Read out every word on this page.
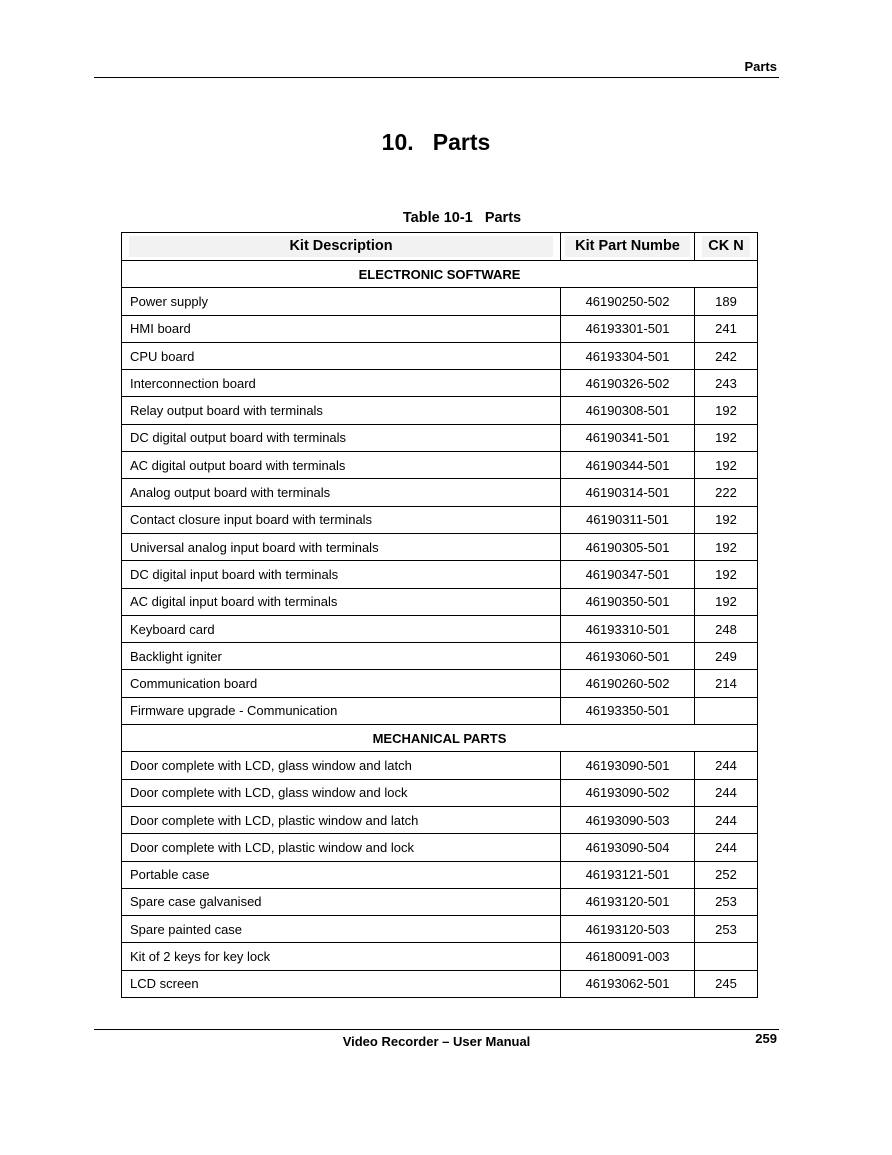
Parts
10.   Parts
Table 10-1   Parts
Kit Description	Kit Part Numbe	CK N

ELECTRONIC SOFTWARE		
Power supply	46190250-502	189
HMI board	46193301-501	241
CPU board	46193304-501	242
Interconnection board	46190326-502	243
Relay output board with terminals	46190308-501	192
DC digital output board with terminals	46190341-501	192
AC digital output board with terminals	46190344-501	192
Analog output board with terminals	46190314-501	222
Contact closure input board with terminals	46190311-501	192
Universal analog input board with terminals	46190305-501	192
DC digital input board with terminals	46190347-501	192
AC digital input board with terminals	46190350-501	192
Keyboard card	46193310-501	248
Backlight igniter	46193060-501	249
Communication board	46190260-502	214
Firmware upgrade - Communication	46193350-501	
MECHANICAL PARTS		
Door complete with LCD, glass window and latch	46193090-501	244
Door complete with LCD, glass window and lock	46193090-502	244
Door complete with LCD, plastic window and latch	46193090-503	244
Door complete with LCD, plastic window and lock	46193090-504	244
Portable case	46193121-501	252
Spare case galvanised	46193120-501	253
Spare painted case	46193120-503	253
Kit of 2 keys for key lock	46180091-003	
LCD screen	46193062-501	245
Video Recorder – User Manual	259
